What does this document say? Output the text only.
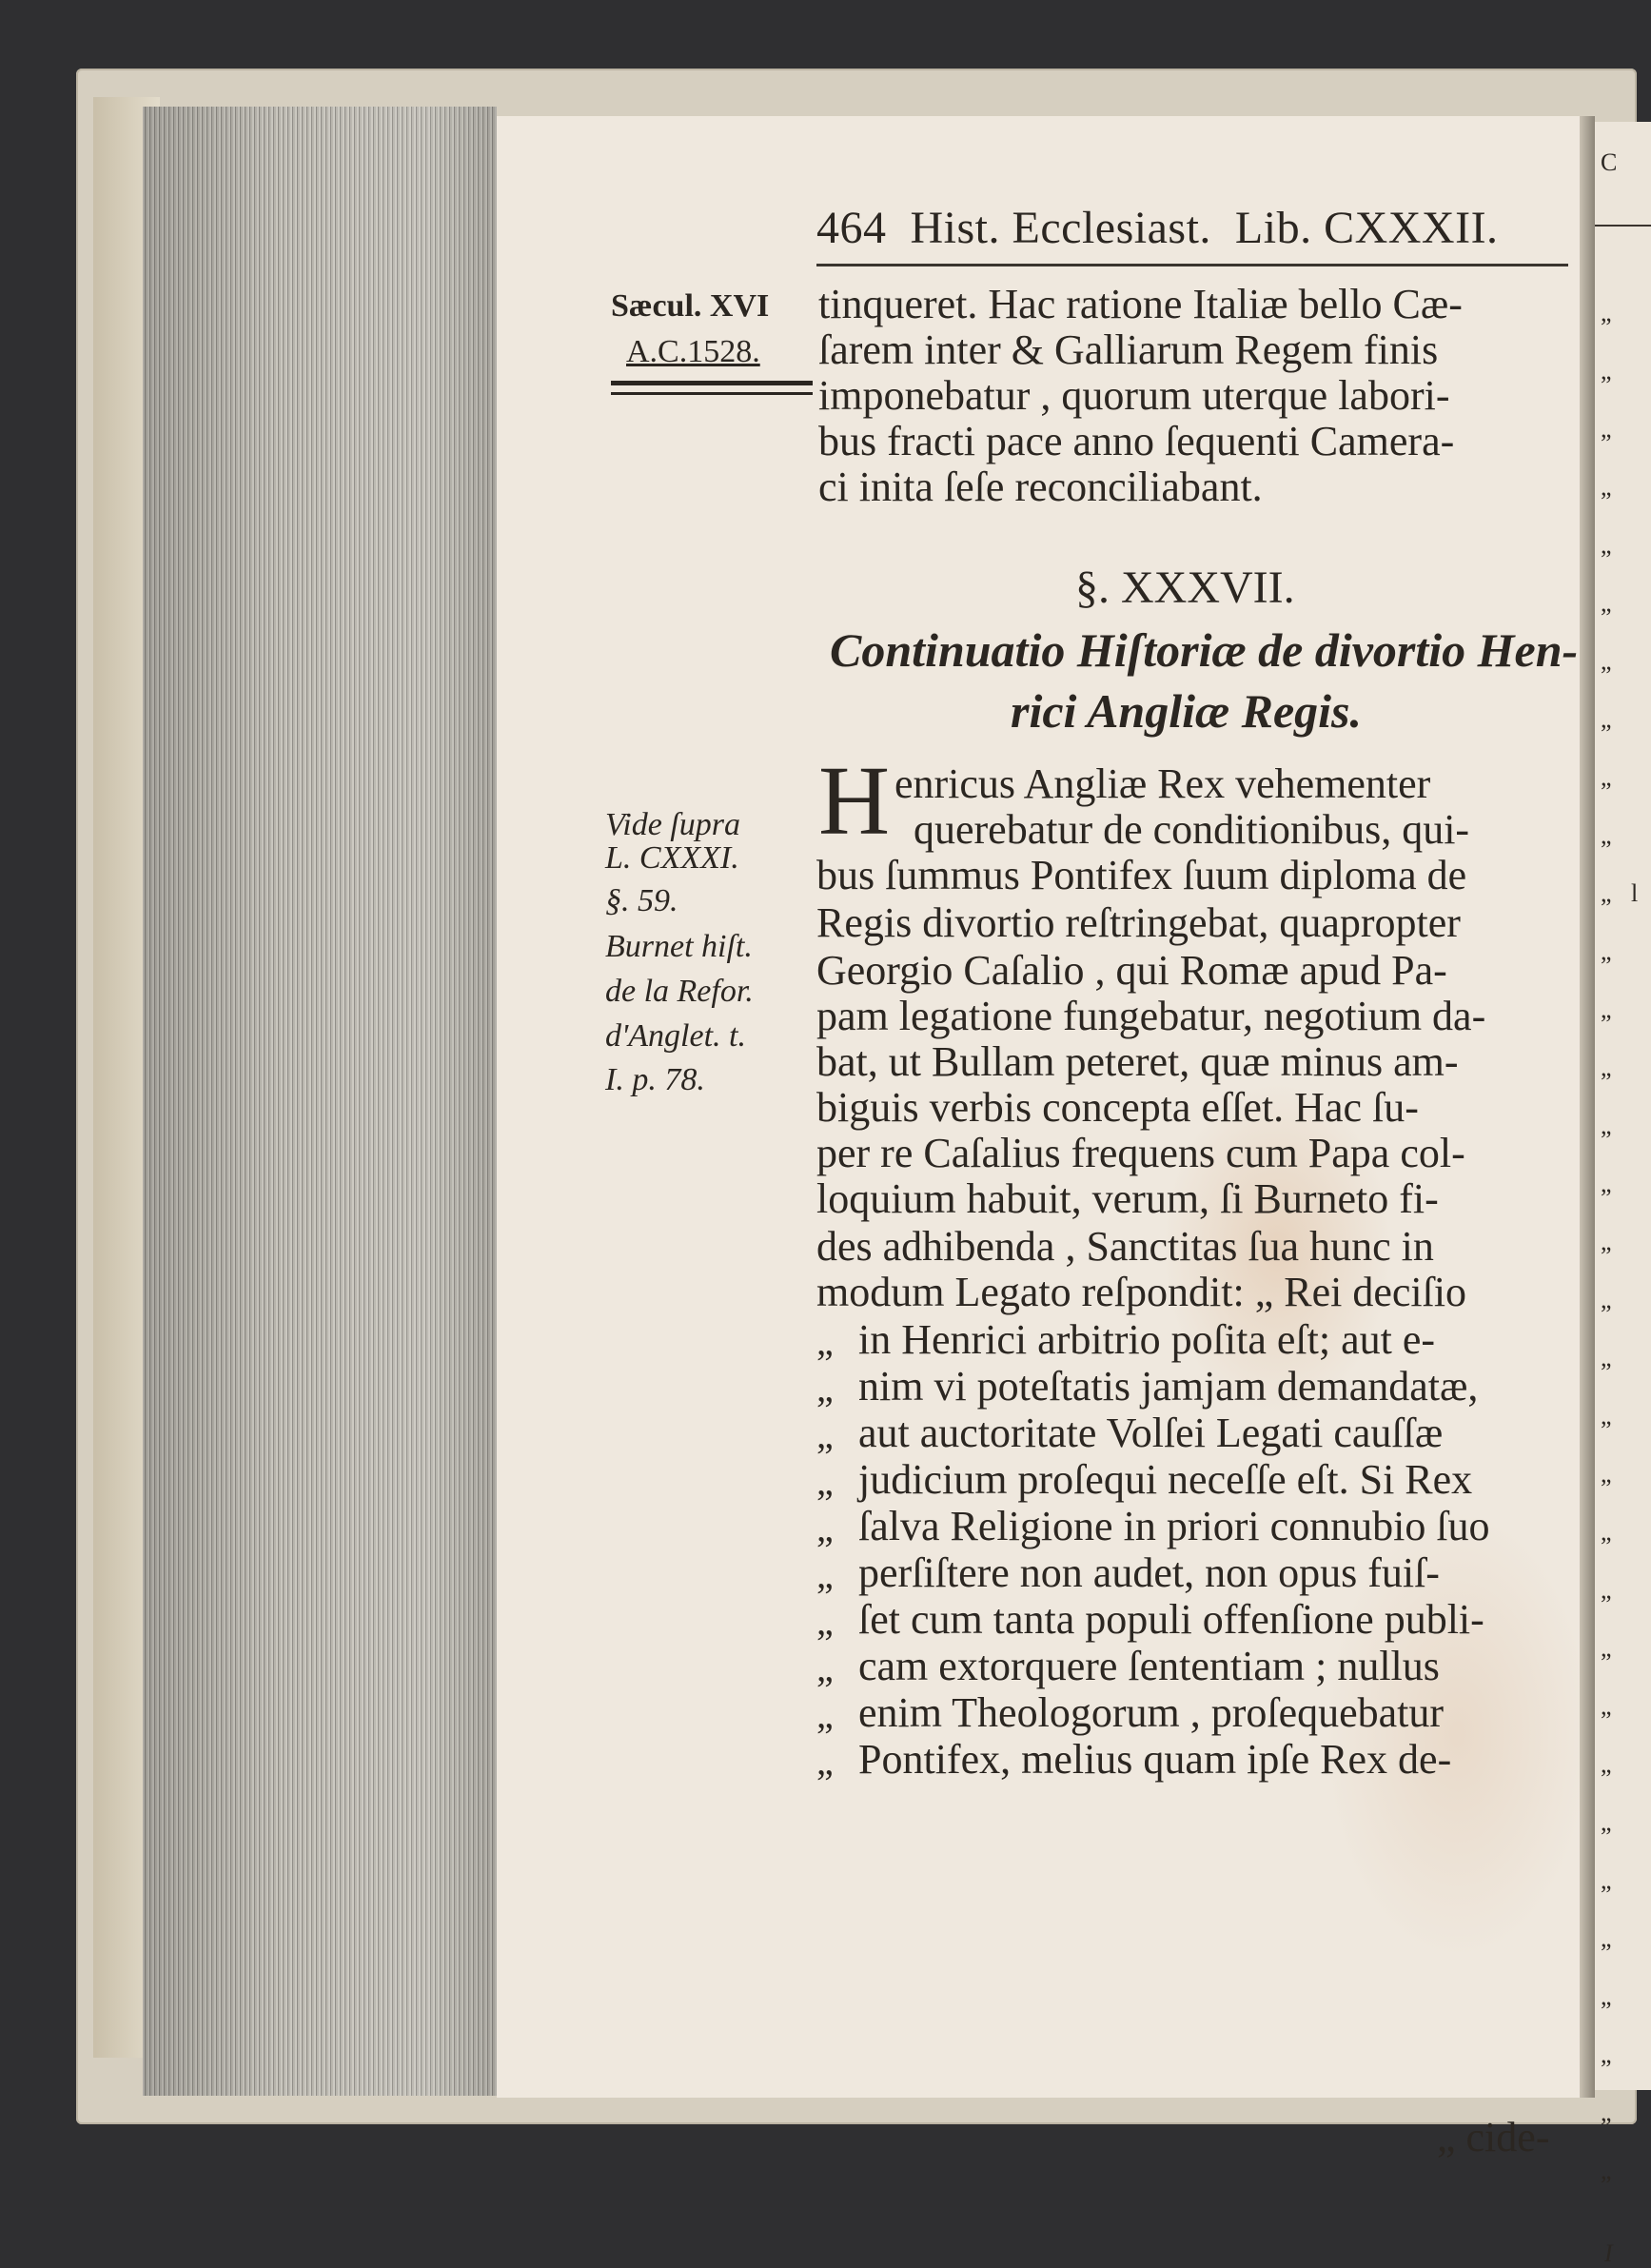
C
„
„
„
„
„
„
„
„
„
„
„ l
„
„
„
„
„
„
„
„
„
„
„
„
„
„
„
„
„
„
„
„
„
„
I
464 Hist. Ecclesiast. Lib. CXXXII.
Sæcul. XVI
A.C.1528.
tinqueret. Hac ratione Italiæ bello Cæ-
ſarem inter & Galliarum Regem finis
imponebatur , quorum uterque labori-
bus fracti pace anno ſequenti Camera-
ci inita ſeſe reconciliabant.
§. XXXVII.
Continuatio Hiſtoriæ de divortio Hen-
rici Angliæ Regis.
Vide ſupra
L. CXXXI.
§. 59.
Burnet hiſt.
de la Refor.
d'Anglet. t.
I. p. 78.
H enricus Angliæ Rex vehementer
querebatur de conditionibus, qui-
bus ſummus Pontifex ſuum diploma de
Regis divortio reſtringebat, quapropter
Georgio Caſalio , qui Romæ apud Pa-
pam legatione fungebatur, negotium da-
bat, ut Bullam peteret, quæ minus am-
biguis verbis concepta eſſet. Hac ſu-
per re Caſalius frequens cum Papa col-
loquium habuit, verum, ſi Burneto fi-
des adhibenda , Sanctitas ſua hunc in
modum Legato reſpondit: „ Rei deciſio
„ in Henrici arbitrio poſita eſt; aut e-
„ nim vi poteſtatis jamjam demandatæ,
„ aut auctoritate Volſei Legati cauſſæ
„ judicium proſequi neceſſe eſt. Si Rex
„ ſalva Religione in priori connubio ſuo
„ perſiſtere non audet, non opus fuiſ-
„ ſet cum tanta populi offenſione publi-
„ cam extorquere ſententiam ; nullus
„ enim Theologorum , proſequebatur
„ Pontifex, melius quam ipſe Rex de-
„ cide-
